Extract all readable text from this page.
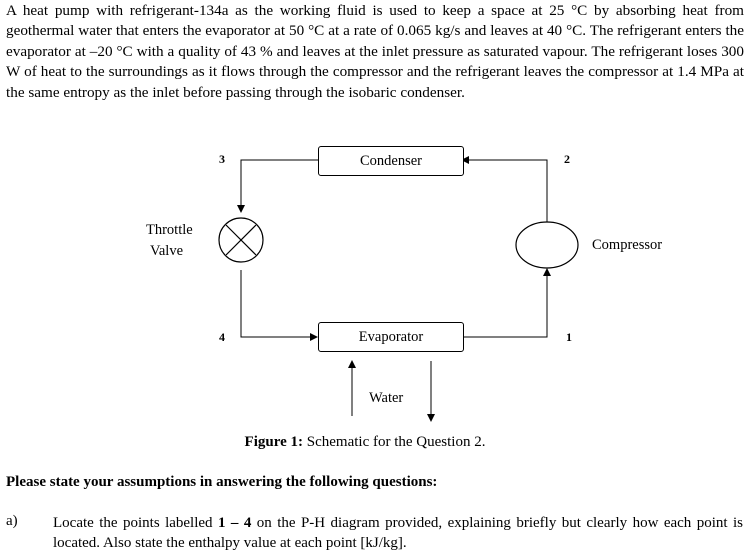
A heat pump with refrigerant-134a as the working fluid is used to keep a space at 25 °C by absorbing heat from geothermal water that enters the evaporator at 50 °C at a rate of 0.065 kg/s and leaves at 40 °C. The refrigerant enters the evaporator at –20 °C with a quality of 43 % and leaves at the inlet pressure as saturated vapour. The refrigerant loses 300 W of heat to the surroundings as it flows through the compressor and the refrigerant leaves the compressor at 1.4 MPa at the same entropy as the inlet before passing through the isobaric condenser.

Condenser
Evaporator
Throttle
Valve	Compressor
Water
3	2
4	1
Figure 1: Schematic for the Question 2.
Please state your assumptions in answering the following questions:
a) Locate the points labelled 1 – 4 on the P-H diagram provided, explaining briefly but clearly how each point is located. Also state the enthalpy value at each point [kJ/kg].
